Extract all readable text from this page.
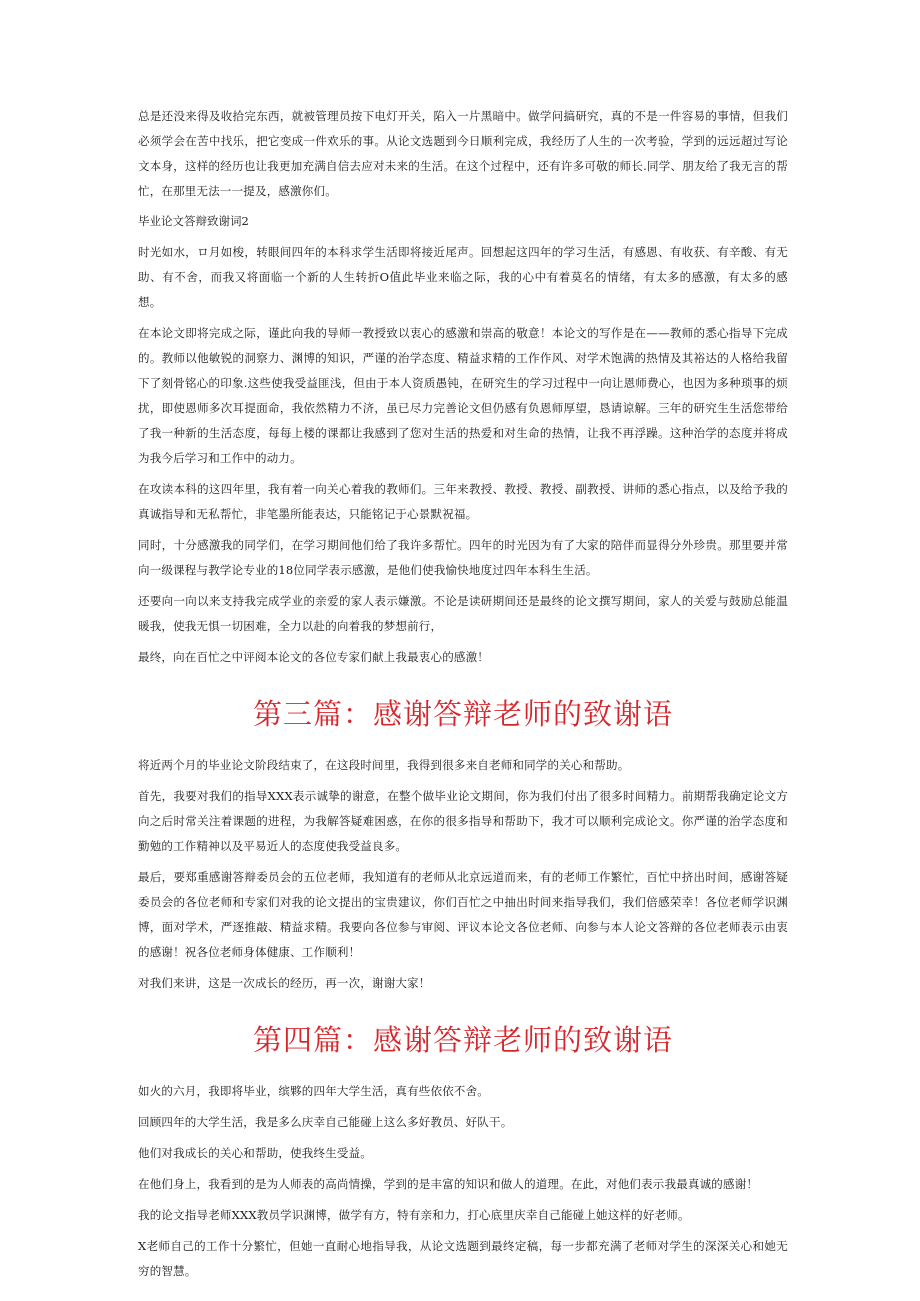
总是还没来得及收拾完东西，就被管理员按下电灯开关，陷入一片黑暗中。做学问搞研究，真的不是一件容易的事情，但我们必须学会在苦中找乐，把它变成一件欢乐的事。从论文选题到今日顺利完成，我经历了人生的一次考验，学到的远远超过写论文本身，这样的经历也让我更加充满自信去应对未来的生活。在这个过程中，还有许多可敬的师长.同学、朋友给了我无言的帮忙，在那里无法一一提及，感激你们。

毕业论文答辩致谢词2

时光如水，ロ月如梭，转眼间四年的本科求学生活即将接近尾声。回想起这四年的学习生活，有感恩、有收获、有辛酸、有无助、有不舍，而我又将面临一个新的人生转折O值此毕业来临之际，我的心中有着莫名的情绪，有太多的感激，有太多的感想。

在本论文即将完成之际，谨此向我的导师一教授致以衷心的感激和崇高的敬意！本论文的写作是在——教师的悉心指导下完成的。教师以他敏锐的洞察力、渊博的知识，严谨的治学态度、精益求精的工作作风、对学术饱满的热情及其裕达的人格给我留下了刻骨铭心的印象.这些使我受益匪浅，但由于本人资质愚钝，在研究生的学习过程中一向让恩师费心，也因为多种琐事的烦扰，即使恩师多次耳提面命，我依然精力不济，虽已尽力完善论文但仍感有负恩师厚望，恳请谅解。三年的研究生生活您带给了我一种新的生活态度，每每上楼的课都让我感到了您对生活的热爱和对生命的热情，让我不再浮躁。这种治学的态度并将成为我今后学习和工作中的动力。

在攻读本科的这四年里，我有着一向关心着我的教师们。三年来教授、教授、教授、副教授、讲师的悉心指点，以及给予我的真诚指导和无私帮忙，非笔墨所能表达，只能铭记于心景默祝福。

同时，十分感激我的同学们，在学习期间他们给了我许多帮忙。四年的时光因为有了大家的陪伴而显得分外珍贵。那里要并常向一级课程与教学论专业的18位同学表示感激，是他们使我愉快地度过四年本科生生活。

还要向一向以来支持我完成学业的亲爱的家人表示嫌激。不论是读研期间还是最终的论文撰写期间，家人的关爱与鼓励总能温暖我，使我无惧一切困难，全力以赴的向着我的梦想前行，

最终，向在百忙之中评阅本论文的各位专家们献上我最衷心的感激！

第三篇：感谢答辩老师的致谢语

将近两个月的毕业论文阶段结束了，在这段时间里，我得到很多来自老师和同学的关心和帮助。

首先，我要对我们的指导XXX表示诚挚的谢意，在整个做毕业论文期间，你为我们付出了很多时间精力。前期帮我确定论文方向之后时常关注着课题的进程，为我解答疑难困惑，在你的很多指导和帮助下，我才可以顺利完成论文。你严谨的治学态度和勤勉的工作精神以及平易近人的态度使我受益良多。

最后，要郑重感谢答辩委员会的五位老师，我知道有的老师从北京远道而来，有的老师工作繁忙，百忙中挤出时间，感谢答疑委员会的各位老师和专家们对我的论文提出的宝贵建议，你们百忙之中抽出时间来指导我们，我们倍感荣幸！各位老师学识渊博，面对学术，严逐推敲、精益求精。我要向各位参与审阅、评议本论文各位老师、向参与本人论文答辩的各位老师表示由衷的感谢！祝各位老师身体健康、工作顺利！

对我们来讲，这是一次成长的经历，再一次，谢谢大家！

第四篇：感谢答辩老师的致谢语

如火的六月，我即将毕业，缤夥的四年大学生活，真有些依依不舍。

回顾四年的大学生活，我是多么庆幸自己能碰上这么多好教员、好队干。

他们对我成长的关心和帮助，使我终生受益。

在他们身上，我看到的是为人师表的高尚情操，学到的是丰富的知识和做人的道理。在此，对他们表示我最真诚的感谢！

我的论文指导老师XXX教员学识渊博，做学有方，特有亲和力，打心底里庆幸自己能碰上她这样的好老师。

X老师自己的工作十分繁忙，但她一直耐心地指导我，从论文选题到最终定稿，每一步都充满了老师对学生的深深关心和她无穷的智慧。
